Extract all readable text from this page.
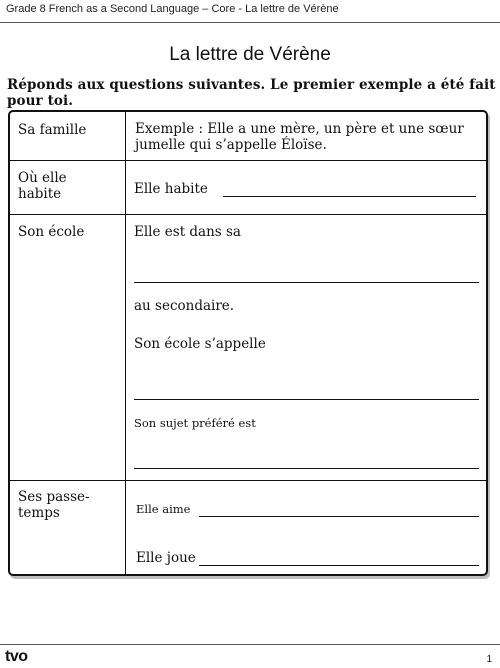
Grade 8 French as a Second Language – Core - La lettre de Vérène
La lettre de Vérène
Réponds aux questions suivantes. Le premier exemple a été fait pour toi.
Sa famille	Exemple : Elle a une mère, un père et une sœur jumelle qui s’appelle Éloïse.
Où elle habite	Elle habite
Son école	Elle est dans sa
au secondaire.
Son école s’appelle
Son sujet préféré est
Ses passe-temps	Elle aime
Elle joue
tvo	1
